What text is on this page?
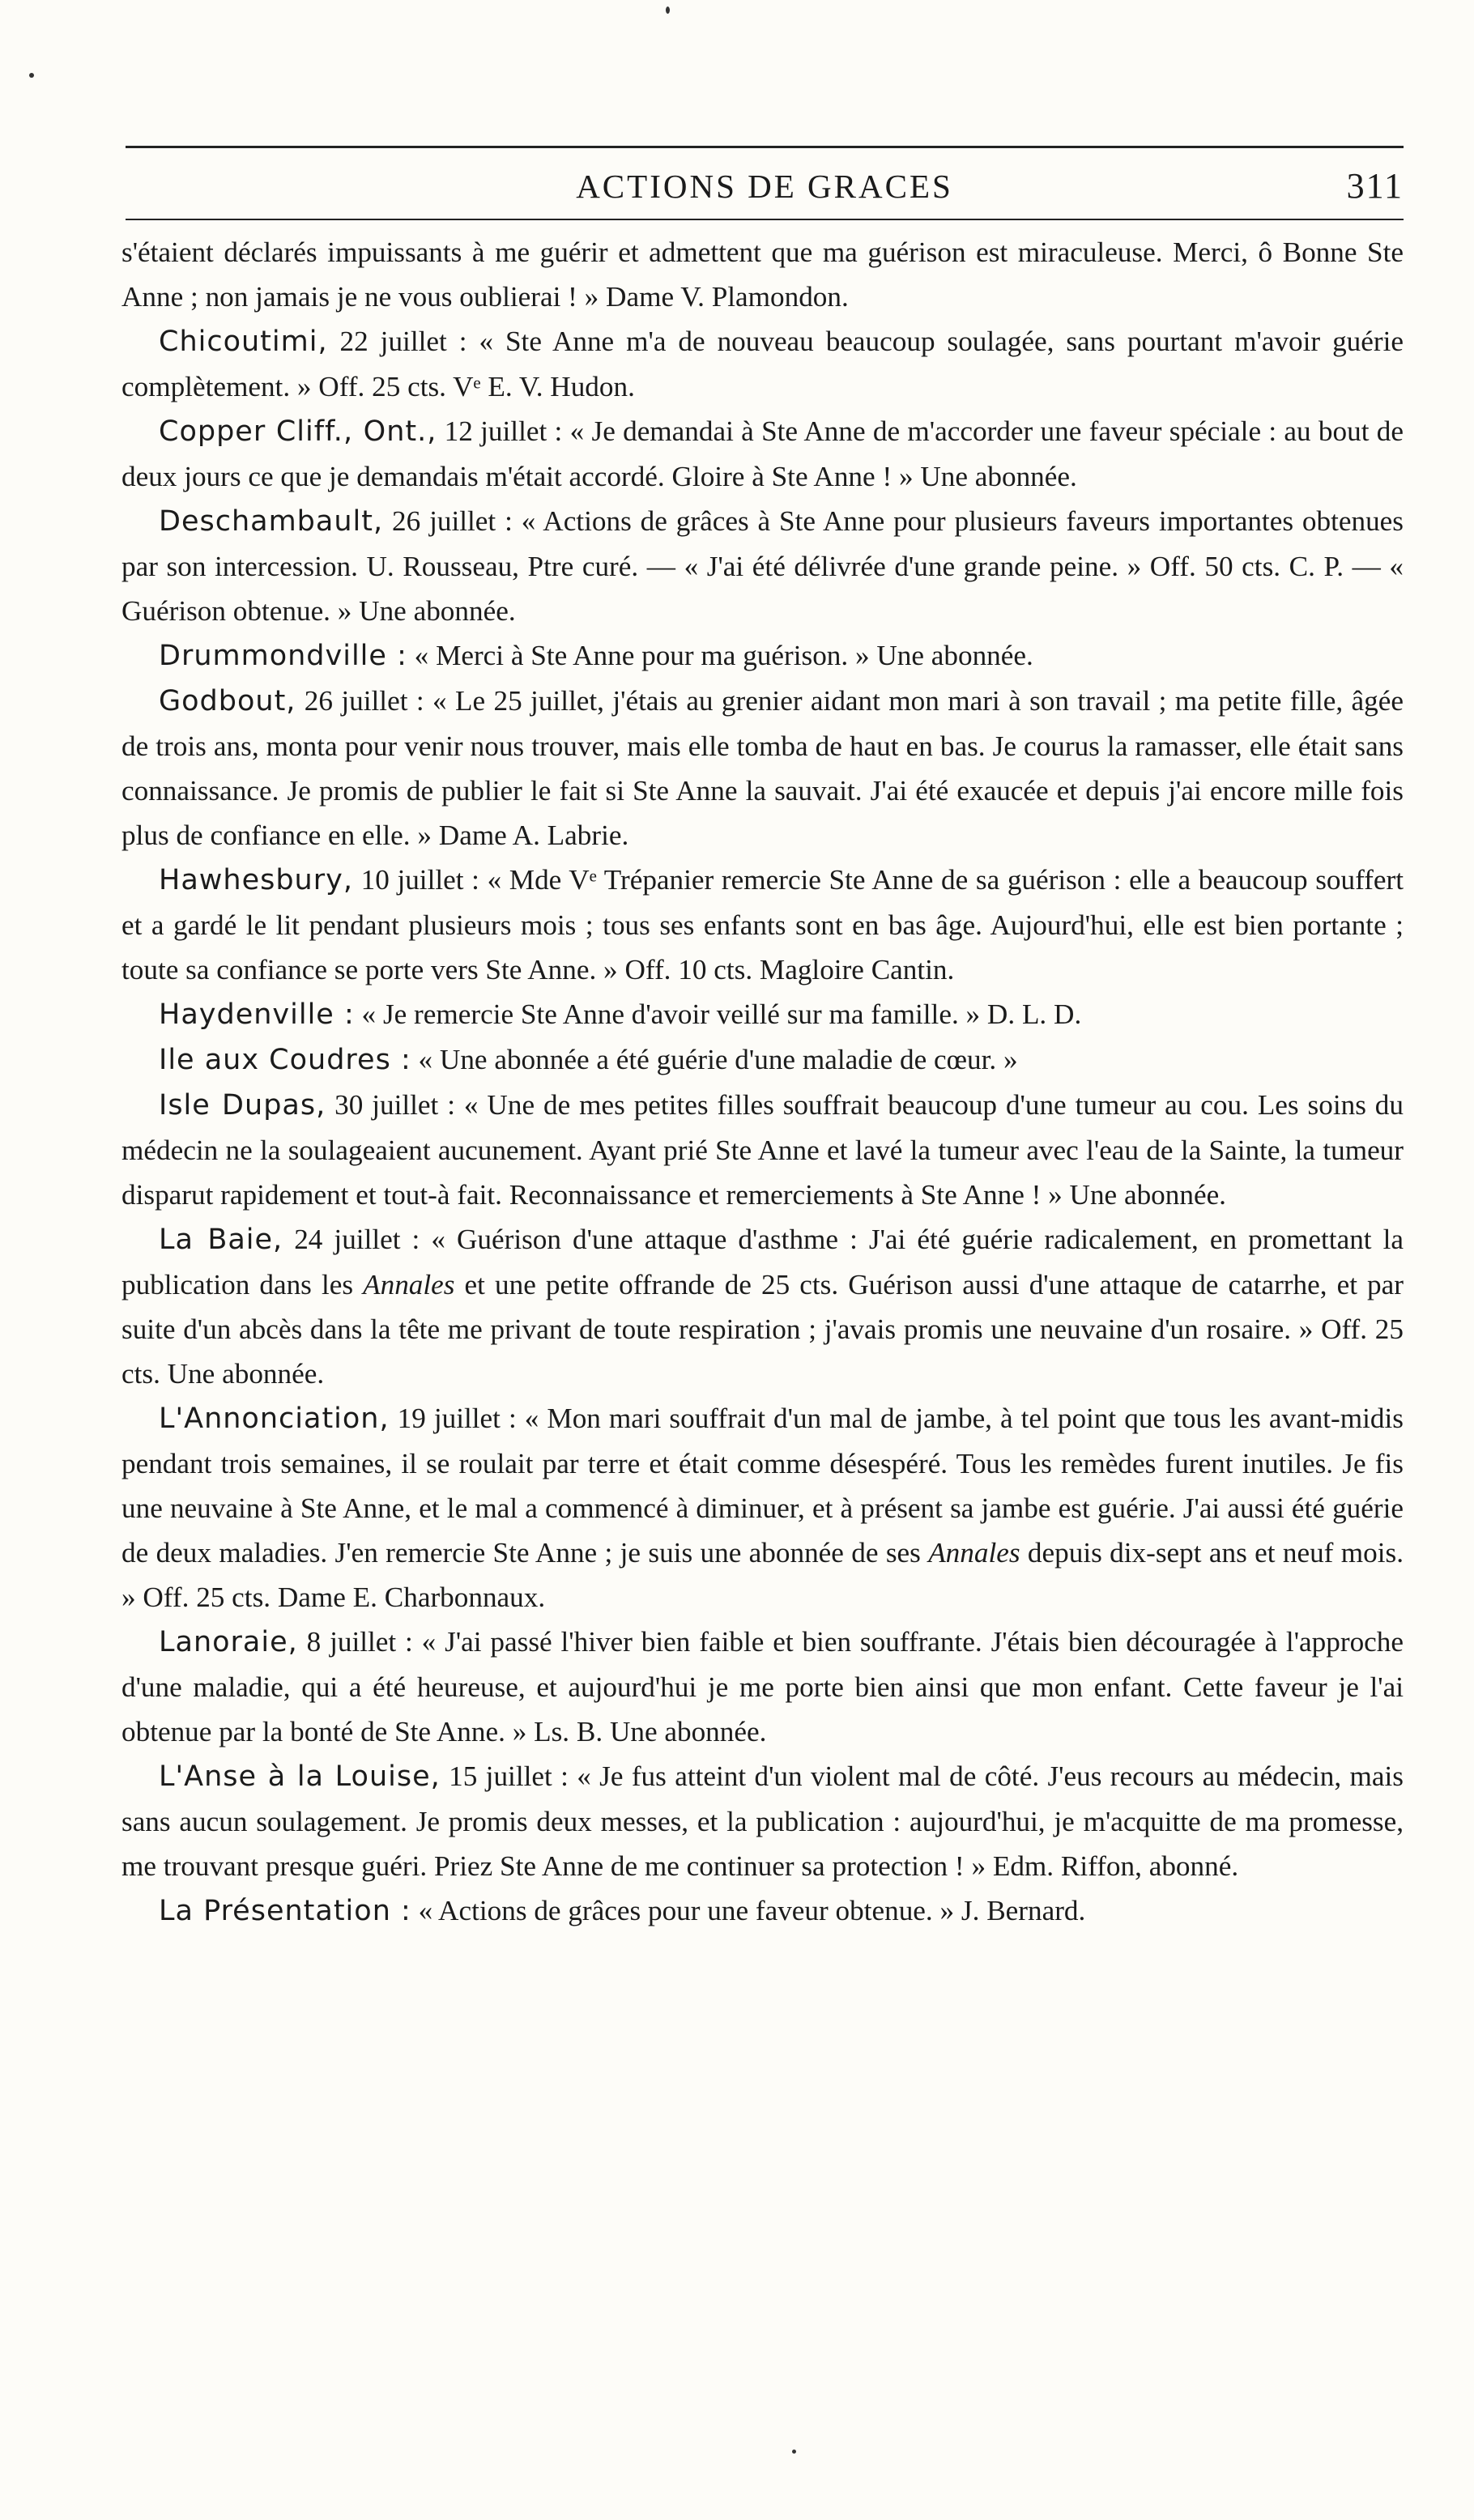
ACTIONS DE GRACES	311

s'étaient déclarés impuissants à me guérir et admettent que ma guérison est miraculeuse. Merci, ô Bonne Ste Anne ; non jamais je ne vous oublierai ! » Dame V. Plamondon.

Chicoutimi, 22 juillet : « Ste Anne m'a de nouveau beaucoup soulagée, sans pourtant m'avoir guérie complètement. » Off. 25 cts. Vᵉ E. V. Hudon.

Copper Cliff., Ont., 12 juillet : « Je demandai à Ste Anne de m'accorder une faveur spéciale : au bout de deux jours ce que je demandais m'était accordé. Gloire à Ste Anne ! » Une abonnée.

Deschambault, 26 juillet : « Actions de grâces à Ste Anne pour plusieurs faveurs importantes obtenues par son intercession. U. Rousseau, Ptre curé. — « J'ai été délivrée d'une grande peine. » Off. 50 cts. C. P. — « Guérison obtenue. » Une abonnée.

Drummondville : « Merci à Ste Anne pour ma guérison. » Une abonnée.

Godbout, 26 juillet : « Le 25 juillet, j'étais au grenier aidant mon mari à son travail ; ma petite fille, âgée de trois ans, monta pour venir nous trouver, mais elle tomba de haut en bas. Je courus la ramasser, elle était sans connaissance. Je promis de publier le fait si Ste Anne la sauvait. J'ai été exaucée et depuis j'ai encore mille fois plus de confiance en elle. » Dame A. Labrie.

Hawhesbury, 10 juillet : « Mde Vᵉ Trépanier remercie Ste Anne de sa guérison : elle a beaucoup souffert et a gardé le lit pendant plusieurs mois ; tous ses enfants sont en bas âge. Aujourd'hui, elle est bien portante ; toute sa confiance se porte vers Ste Anne. » Off. 10 cts. Magloire Cantin.

Haydenville : « Je remercie Ste Anne d'avoir veillé sur ma famille. » D. L. D.

Ile aux Coudres : « Une abonnée a été guérie d'une maladie de cœur. »

Isle Dupas, 30 juillet : « Une de mes petites filles souffrait beaucoup d'une tumeur au cou. Les soins du médecin ne la soulageaient aucunement. Ayant prié Ste Anne et lavé la tumeur avec l'eau de la Sainte, la tumeur disparut rapidement et tout-à fait. Reconnaissance et remerciements à Ste Anne ! » Une abonnée.

La Baie, 24 juillet : « Guérison d'une attaque d'asthme : J'ai été guérie radicalement, en promettant la publication dans les Annales et une petite offrande de 25 cts. Guérison aussi d'une attaque de catarrhe, et par suite d'un abcès dans la tête me privant de toute respiration ; j'avais promis une neuvaine d'un rosaire. » Off. 25 cts. Une abonnée.

L'Annonciation, 19 juillet : « Mon mari souffrait d'un mal de jambe, à tel point que tous les avant-midis pendant trois semaines, il se roulait par terre et était comme désespéré. Tous les remèdes furent inutiles. Je fis une neuvaine à Ste Anne, et le mal a commencé à diminuer, et à présent sa jambe est guérie. J'ai aussi été guérie de deux maladies. J'en remercie Ste Anne ; je suis une abonnée de ses Annales depuis dix-sept ans et neuf mois. » Off. 25 cts. Dame E. Charbonnaux.

Lanoraie, 8 juillet : « J'ai passé l'hiver bien faible et bien souffrante. J'étais bien découragée à l'approche d'une maladie, qui a été heureuse, et aujourd'hui je me porte bien ainsi que mon enfant. Cette faveur je l'ai obtenue par la bonté de Ste Anne. » Ls. B. Une abonnée.

L'Anse à la Louise, 15 juillet : « Je fus atteint d'un violent mal de côté. J'eus recours au médecin, mais sans aucun soulagement. Je promis deux messes, et la publication : aujourd'hui, je m'acquitte de ma promesse, me trouvant presque guéri. Priez Ste Anne de me continuer sa protection ! » Edm. Riffon, abonné.

La Présentation : « Actions de grâces pour une faveur obtenue. » J. Bernard.
